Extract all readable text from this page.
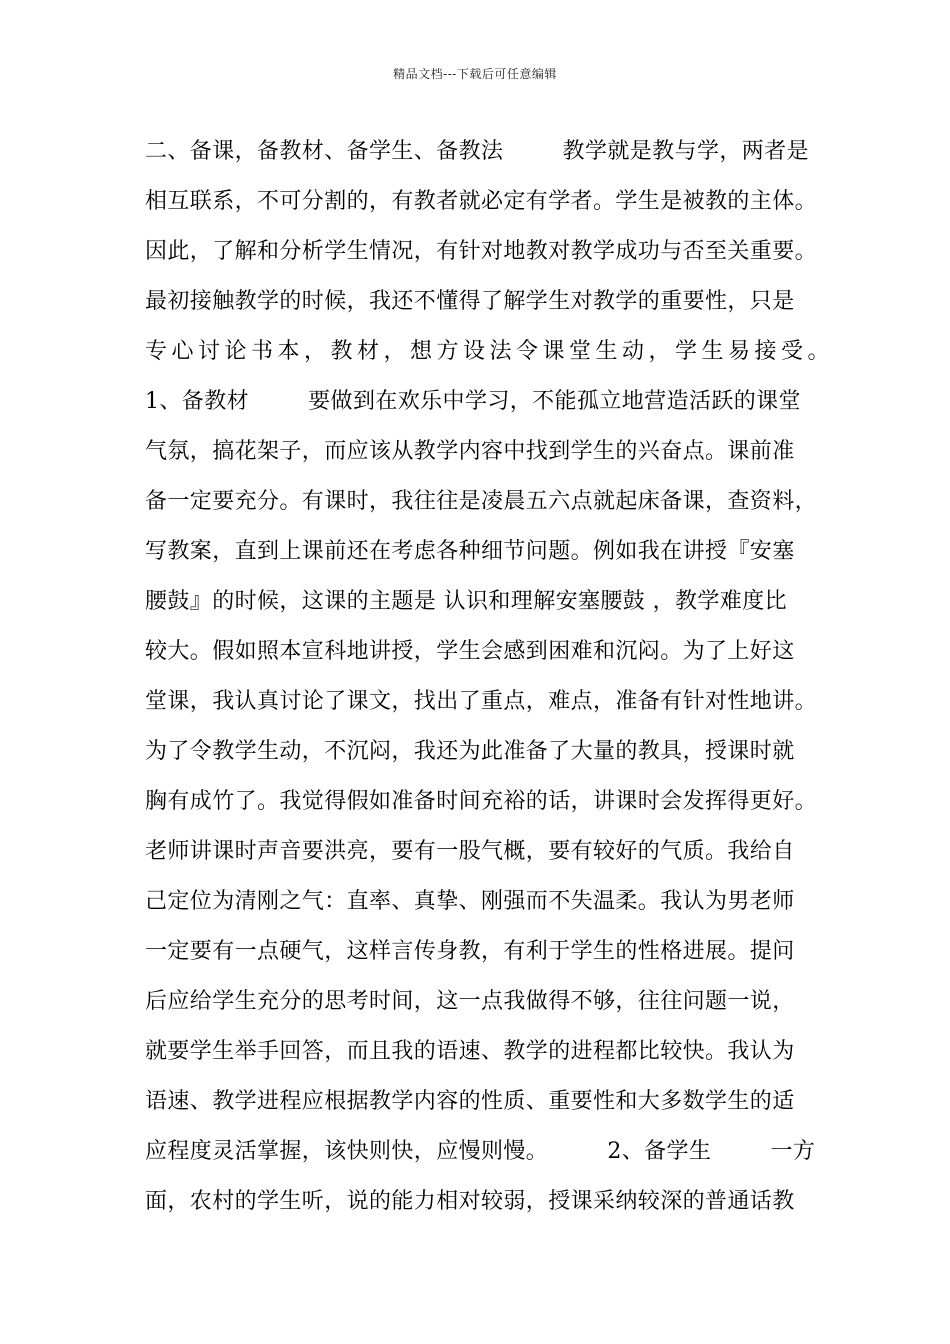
精品文档---下载后可任意编辑
二、备课，备教材、备学生、备教法        教学就是教与学，两者是
相互联系，不可分割的，有教者就必定有学者。学生是被教的主体。
因此，了解和分析学生情况，有针对地教对教学成功与否至关重要。
最初接触教学的时候，我还不懂得了解学生对教学的重要性，只是
专心讨论书本，教材，想方设法令课堂生动，学生易接受。
1、备教材        要做到在欢乐中学习，不能孤立地营造活跃的课堂
气氛，搞花架子，而应该从教学内容中找到学生的兴奋点。课前准
备一定要充分。有课时，我往往是凌晨五六点就起床备课，查资料，
写教案，直到上课前还在考虑各种细节问题。例如我在讲授『安塞
腰鼓』的时候，这课的主题是 认识和理解安塞腰鼓 ，教学难度比
较大。假如照本宣科地讲授，学生会感到困难和沉闷。为了上好这
堂课，我认真讨论了课文，找出了重点，难点，准备有针对性地讲。
为了令教学生动，不沉闷，我还为此准备了大量的教具，授课时就
胸有成竹了。我觉得假如准备时间充裕的话，讲课时会发挥得更好。
老师讲课时声音要洪亮，要有一股气概，要有较好的气质。我给自
己定位为清刚之气：直率、真挚、刚强而不失温柔。我认为男老师
一定要有一点硬气，这样言传身教，有利于学生的性格进展。提问
后应给学生充分的思考时间，这一点我做得不够，往往问题一说，
就要学生举手回答，而且我的语速、教学的进程都比较快。我认为
语速、教学进程应根据教学内容的性质、重要性和大多数学生的适
应程度灵活掌握，该快则快，应慢则慢。        2、备学生        一方
面，农村的学生听，说的能力相对较弱，授课采纳较深的普通话教
